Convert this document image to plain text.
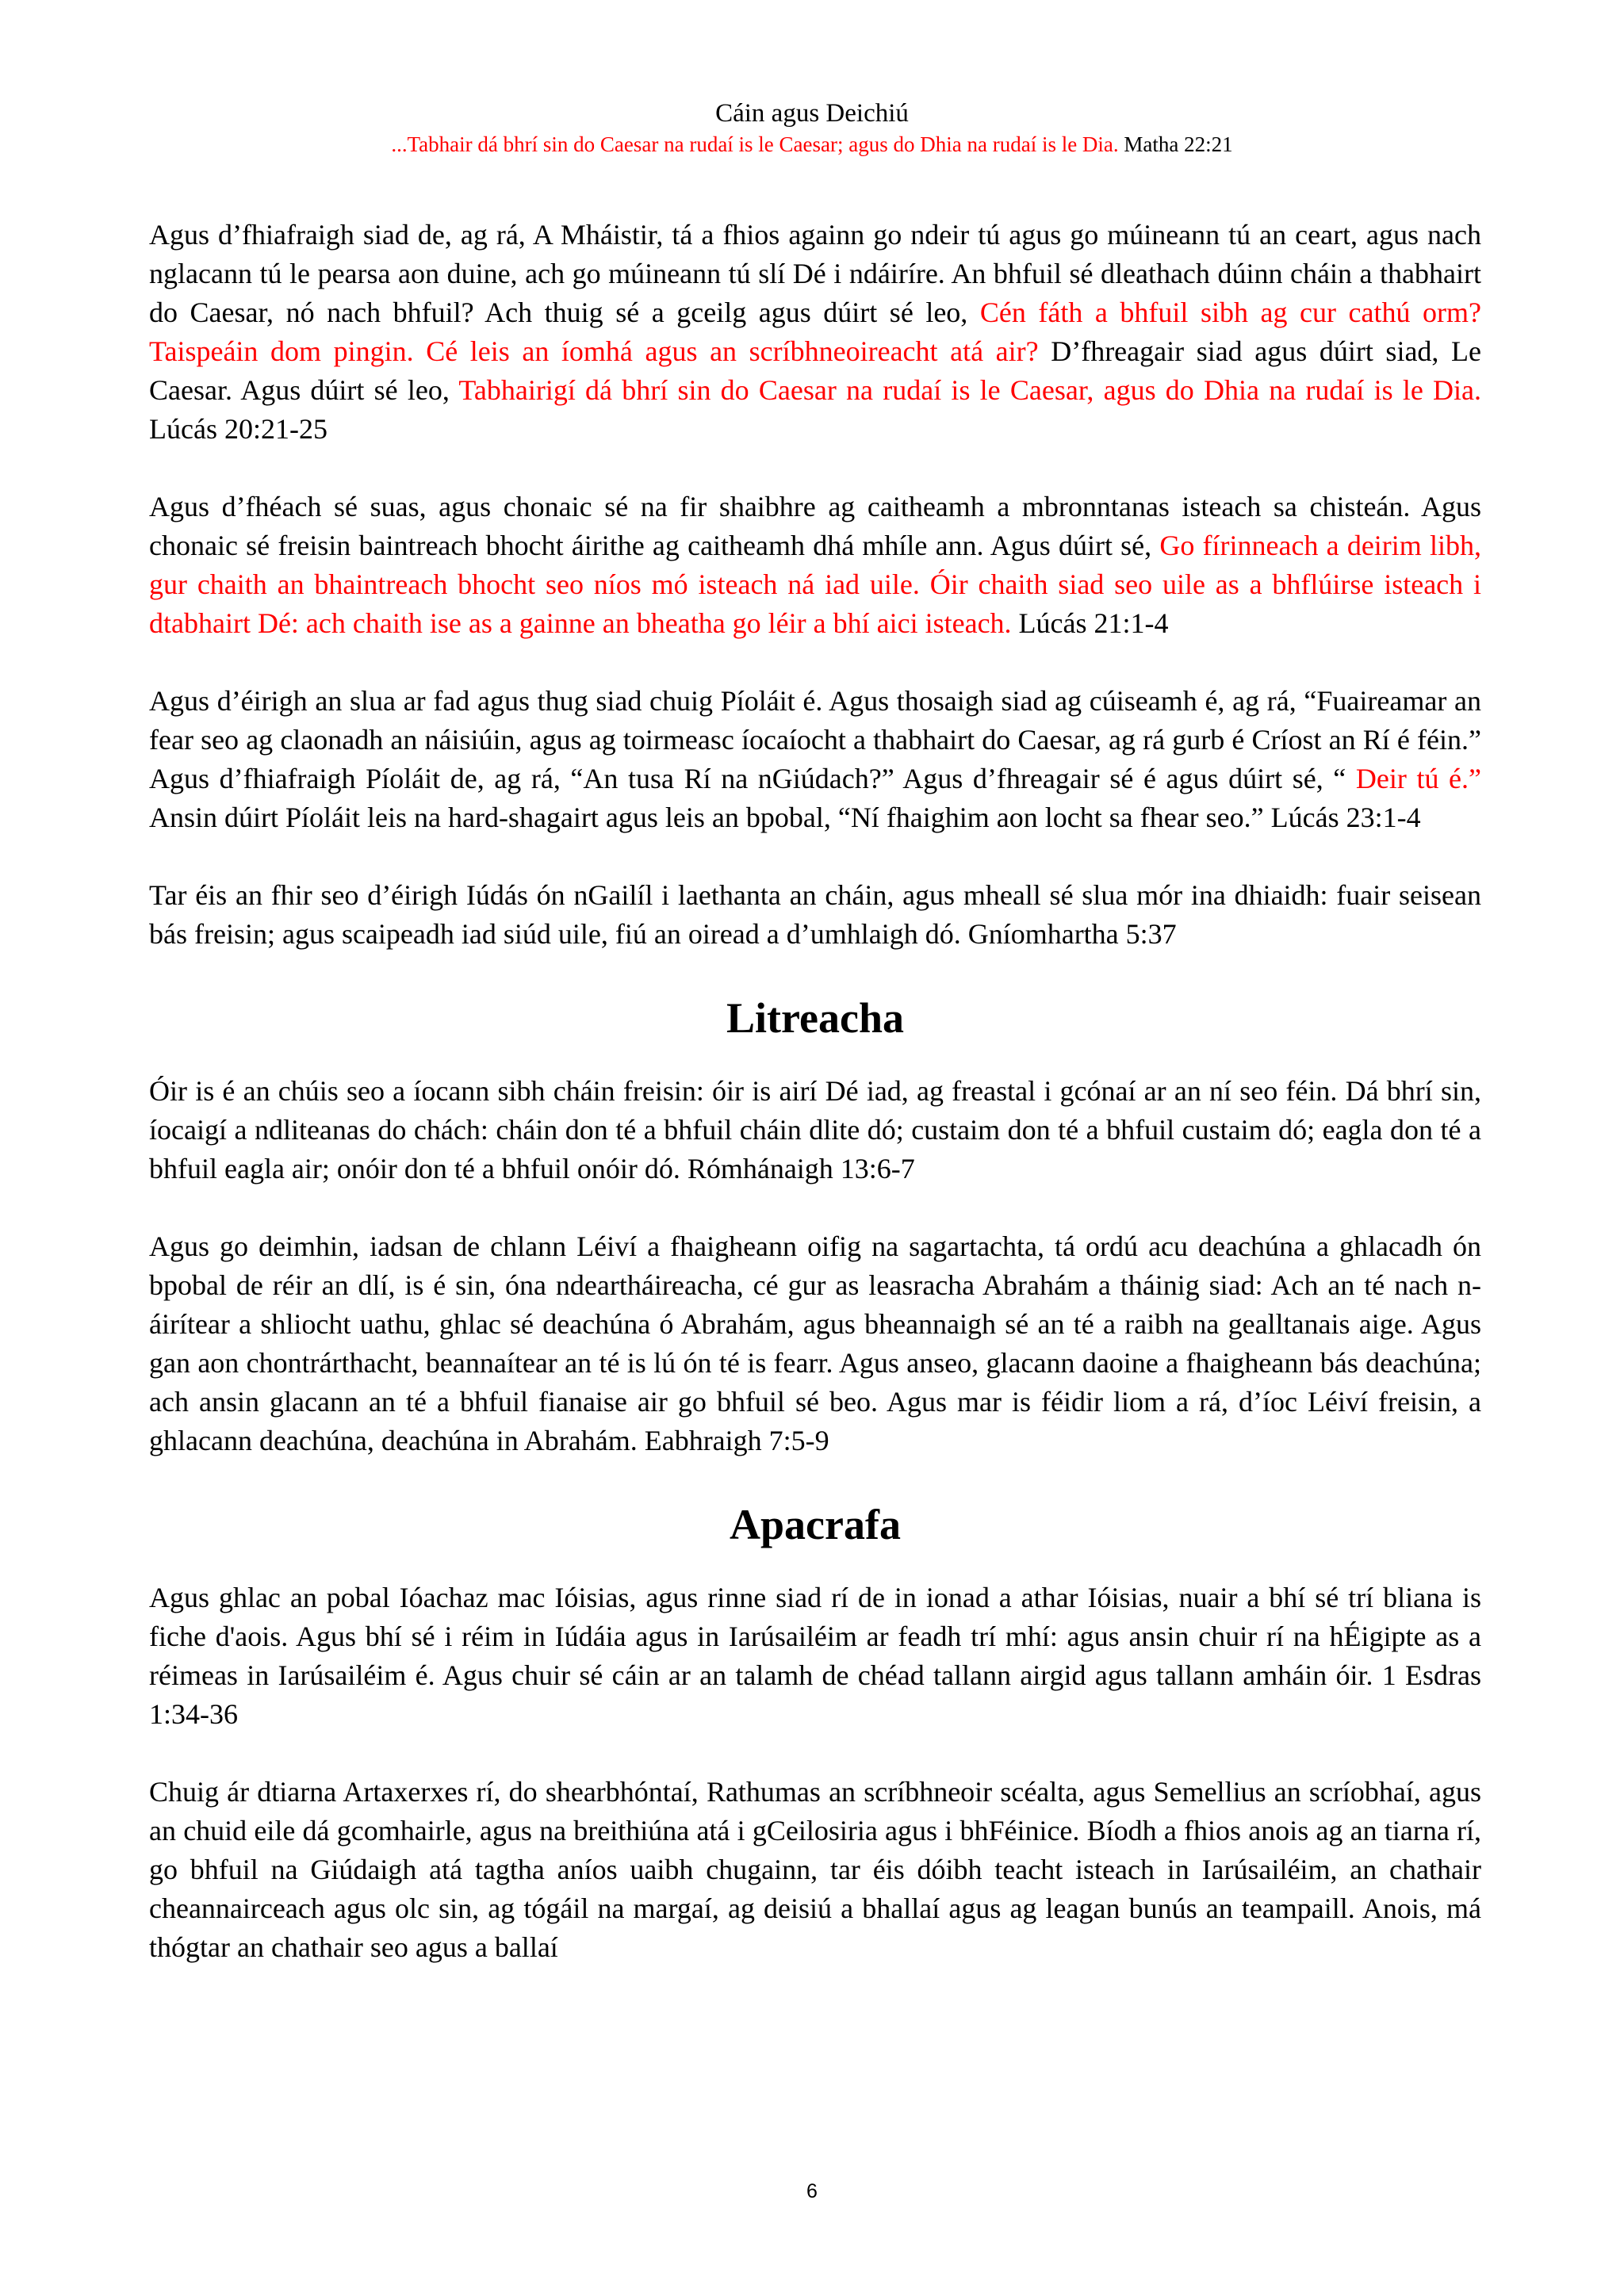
Cáin agus Deichiú
...Tabhair dá bhrí sin do Caesar na rudaí is le Caesar; agus do Dhia na rudaí is le Dia. Matha 22:21

Agus d’fhiafraigh siad de, ag rá, A Mháistir, tá a fhios againn go ndeir tú agus go múineann tú an ceart, agus nach nglacann tú le pearsa aon duine, ach go múineann tú slí Dé i ndáiríre. An bhfuil sé dleathach dúinn cháin a thabhairt do Caesar, nó nach bhfuil? Ach thuig sé a gceilg agus dúirt sé leo, Cén fáth a bhfuil sibh ag cur cathú orm? Taispeáin dom pingin. Cé leis an íomhá agus an scríbhneoireacht atá air? D’fhreagair siad agus dúirt siad, Le Caesar. Agus dúirt sé leo, Tabhairigí dá bhrí sin do Caesar na rudaí is le Caesar, agus do Dhia na rudaí is le Dia. Lúcás 20:21-25

Agus d’fhéach sé suas, agus chonaic sé na fir shaibhre ag caitheamh a mbronntanas isteach sa chisteán. Agus chonaic sé freisin baintreach bhocht áirithe ag caitheamh dhá mhíle ann. Agus dúirt sé, Go fírinneach a deirim libh, gur chaith an bhaintreach bhocht seo níos mó isteach ná iad uile. Óir chaith siad seo uile as a bhflúirse isteach i dtabhairt Dé: ach chaith ise as a gainne an bheatha go léir a bhí aici isteach. Lúcás 21:1-4

Agus d’éirigh an slua ar fad agus thug siad chuig Píoláit é. Agus thosaigh siad ag cúiseamh é, ag rá, “Fuaireamar an fear seo ag claonadh an náisiúin, agus ag toirmeasc íocaíocht a thabhairt do Caesar, ag rá gurb é Críost an Rí é féin.” Agus d’fhiafraigh Píoláit de, ag rá, “An tusa Rí na nGiúdach?” Agus d’fhreagair sé é agus dúirt sé, “ Deir tú é.” Ansin dúirt Píoláit leis na hard-shagairt agus leis an bpobal, “Ní fhaighim aon locht sa fhear seo.” Lúcás 23:1-4

Tar éis an fhir seo d’éirigh Iúdás ón nGailíl i laethanta an cháin, agus mheall sé slua mór ina dhiaidh: fuair seisean bás freisin; agus scaipeadh iad siúd uile, fiú an oiread a d’umhlaigh dó. Gníomhartha 5:37

Litreacha

Óir is é an chúis seo a íocann sibh cháin freisin: óir is airí Dé iad, ag freastal i gcónaí ar an ní seo féin. Dá bhrí sin, íocaigí a ndliteanas do chách: cháin don té a bhfuil cháin dlite dó; custaim don té a bhfuil custaim dó; eagla don té a bhfuil eagla air; onóir don té a bhfuil onóir dó. Rómhánaigh 13:6-7

Agus go deimhin, iadsan de chlann Léiví a fhaigheann oifig na sagartachta, tá ordú acu deachúna a ghlacadh ón bpobal de réir an dlí, is é sin, óna ndeartháireacha, cé gur as leasracha Abrahám a tháinig siad: Ach an té nach n-áirítear a shliocht uathu, ghlac sé deachúna ó Abrahám, agus bheannaigh sé an té a raibh na gealltanais aige. Agus gan aon chontrárthacht, beannaítear an té is lú ón té is fearr. Agus anseo, glacann daoine a fhaigheann bás deachúna; ach ansin glacann an té a bhfuil fianaise air go bhfuil sé beo. Agus mar is féidir liom a rá, d’íoc Léiví freisin, a ghlacann deachúna, deachúna in Abrahám. Eabhraigh 7:5-9

Apacrafa

Agus ghlac an pobal Ióachaz mac Ióisias, agus rinne siad rí de in ionad a athar Ióisias, nuair a bhí sé trí bliana is fiche d'aois. Agus bhí sé i réim in Iúdáia agus in Iarúsailéim ar feadh trí mhí: agus ansin chuir rí na hÉigipte as a réimeas in Iarúsailéim é. Agus chuir sé cáin ar an talamh de chéad tallann airgid agus tallann amháin óir. 1 Esdras 1:34-36

Chuig ár dtiarna Artaxerxes rí, do shearbhóntaí, Rathumas an scríbhneoir scéalta, agus Semellius an scríobhaí, agus an chuid eile dá gcomhairle, agus na breithiúna atá i gCeilosiria agus i bhFéinice. Bíodh a fhios anois ag an tiarna rí, go bhfuil na Giúdaigh atá tagtha aníos uaibh chugainn, tar éis dóibh teacht isteach in Iarúsailéim, an chathair cheannairceach agus olc sin, ag tógáil na margaí, ag deisiú a bhallaí agus ag leagan bunús an teampaill. Anois, má thógtar an chathair seo agus a ballaí

6
